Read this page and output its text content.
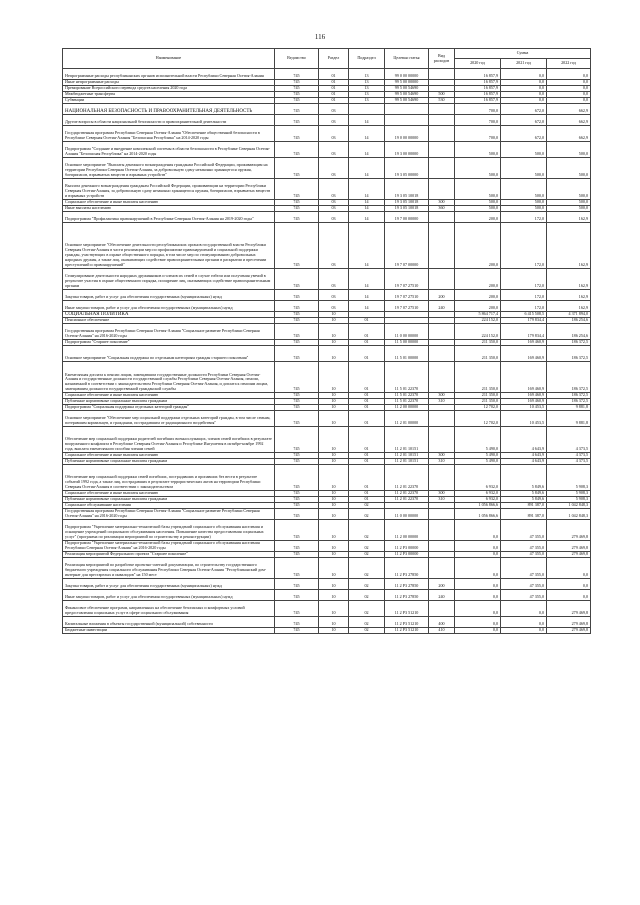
116
Наименование	Ведомство	Раздел	Подраздел	Целевая статья	Вид расходов	Сумма		
						2020 год	2021 год	2022 год
Непрограммные расходы республиканских органов исполнительной власти Республики Северная Осетия-Алания	745	01	13	99 0 00 00000		16 857,9	0,0	0,0
Иные непрограммные расходы	745	01	13	99 5 00 00000		16 857,9	0,0	0,0
Премирование Всероссийского перевода средств населения 2020 года	745	01	13	99 5 00 54690		16 857,9	0,0	0,0
Межбюджетные трансферты	745	01	13	99 5 00 54690	500	16 857,9	0,0	0,0
Субвенции	745	01	13	99 5 00 54690	530	16 857,9	0,0	0,0
НАЦИОНАЛЬНАЯ БЕЗОПАСНОСТЬ И ПРАВООХРАНИТЕЛЬНАЯ ДЕЯТЕЛЬНОСТЬ	745	03				700,0	672,0	662,9
Другие вопросы в области национальной безопасности и правоохранительной деятельности	745	03	14			700,0	672,0	662,9
Государственная программа Республики Северная Осетия-Алания "Обеспечение общественной безопасности в Республике Северная Осетия-Алания "Безопасная Республика" на 2014-2020 годы	745	03	14	19 0 00 00000		700,0	672,0	662,9
Подпрограмма "Создание и внедрение комплексной системы в области безопасности в Республике Северная Осетия-Алания "Безопасная Республика" на 2014-2020 годы	745	03	14	19 3 00 00000		500,0	500,0	500,0
Основное мероприятие "Выплаты денежного вознаграждения гражданам Российской Федерации, проживающим на территории Республики Северная Осетия-Алания, за добровольную сдачу незаконно хранящегося оружия, боеприпасов, взрывчатых веществ и взрывных устройств"	745	03	14	19 3 05 00000		500,0	500,0	500,0
Выплата денежного вознаграждения гражданам Российской Федерации, проживающим на территории Республики Северная Осетия-Алания, за добровольную сдачу незаконно хранящегося оружия, боеприпасов, взрывчатых веществ и взрывных устройств	745	03	14	19 3 05 10018		500,0	500,0	500,0
Социальное обеспечение и иные выплаты населению	745	03	14	19 3 05 10018	300	500,0	500,0	500,0
Иные выплаты населению	745	03	14	19 3 05 10018	360	500,0	500,0	500,0
Подпрограмма "Профилактика правонарушений в Республике Северная Осетия-Алания на 2019-2020 годы"	745	03	14	19 7 00 00000		200,0	172,0	162,9
Основное мероприятие "Обеспечение деятельности республиканских органов государственной власти Республики Северная Осетия-Алания в части реализации мер по профилактике правонарушений и социальной поддержки граждан, участвующих в охране общественного порядка, в том числе мер по стимулированию добровольных народных дружин, а также лиц, оказывающих содействие правоохранительным органам в раскрытии и пресечении преступлений и правонарушений"	745	03	14	19 7 07 00000		200,0	172,0	162,9
Стимулирование деятельности народных дружинников и членов их семей в случае гибели или получения увечий в результате участия в охране общественного порядка, поощрение лиц, оказывающих содействие правоохранительным органам	745	03	14	19 7 07 27510		200,0	172,0	162,9
Закупка товаров, работ и услуг для обеспечения государственных (муниципальных) нужд	745	03	14	19 7 07 27510	200	200,0	172,0	162,9
Иные закупки товаров, работ и услуг для обеспечения государственных (муниципальных) нужд	745	03	14	19 7 07 27510	240	200,0	172,0	162,9
СОЦИАЛЬНАЯ ПОЛИТИКА	745	10				5 864 717,4	6 415 508,5	4 371 894,0
Пенсионное обеспечение	745	10	01			224 152,0	179 834,4	186 254,6
Государственная программа Республики Северная Осетия-Алания "Социальное развитие Республики Северная Осетия-Алания" на 2016-2020 годы	745	10	01	11 0 00 00000		224 152,0	179 834,4	186 254,6
Подпрограмма "Старшее поколение"	745	10	01	11 5 00 00000		211 350,0	169 460,9	186 372,5
Основное мероприятие "Социальная поддержка по отдельным категориям граждан старшего поколения"	745	10	01	11 5 01 00000		211 350,0	169 460,9	186 372,5
Ежемесячная доплата к пенсии лицам, замещавшим государственные должности Республики Северная Осетия-Алания и государственные должности государственной службы Республики Северная Осетия-Алания, пенсии, назначенной в соответствии с законодательством Республики Северная Осетия-Алания, и доплата к пенсиям лицам, замещавшим должности государственной гражданской службы	745	10	01	11 5 01 22370		211 350,0	169 460,9	186 372,5
Социальное обеспечение и иные выплаты населению	745	10	01	11 5 01 22370	300	211 350,0	169 460,9	186 372,5
Публичные нормативные социальные выплаты гражданам	745	10	01	11 5 01 22370	310	211 350,0	169 460,9	186 372,5
Подпрограмма "Социальная поддержка отдельных категорий граждан"	745	10	01	11 2 00 00000		12 702,0	10 453,5	9 881,8
Основное мероприятие "Обеспечение мер социальной поддержки отдельных категорий граждан, в том числе семьям, потерявшим кормильцев, и гражданам, пострадавшим от радиационного воздействия"	745	10	01	11 2 01 00000		12 702,0	10 453,5	9 881,8
Обеспечение мер социальной поддержки родителей погибших военнослужащих, членов семей погибших в результате вооруженного конфликта в Республике Северная Осетия-Алания и Республике Ингушетия в октябре-ноябре 1992 года, выплата ежемесячного пособия членам семей	745	10	01	11 2 01 10151		5 490,0	4 643,9	4 373,5
Социальное обеспечение и иные выплаты населению	745	10	01	11 2 01 10151	300	5 490,0	4 643,9	4 373,5
Публичные нормативные социальные выплаты гражданам	745	10	01	11 2 01 10151	310	5 490,0	4 643,9	4 373,5
Обеспечение мер социальной поддержки семей погибших, пострадавших и пропавших без вести в результате событий 1992 года, а также лиц, пострадавших в результате террористических актов на территории Республики Северная Осетия-Алания в соответствии с законодательством	745	10	01	11 2 01 22370		6 932,0	5 849,6	5 908,3
Социальное обеспечение и иные выплаты населению	745	10	01	11 2 01 22370	300	6 932,0	5 849,6	5 908,3
Публичные нормативные социальные выплаты гражданам	745	10	01	11 2 01 22370	310	6 932,0	5 849,6	5 908,3
Социальное обслуживание населения	745	10	02			1 056 866,6	891 387,0	1 042 848,3
Государственная программа Республики Северная Осетия-Алания "Социальное развитие Республики Северная Осетия-Алания" на 2016-2020 годы	745	10	02	11 0 00 00000		1 056 866,6	891 387,0	1 042 848,3
Подпрограмма "Укрепление материально-технической базы учреждений социального обслуживания населения и оснащение учреждений социального обслуживания населения. Повышение качества предоставления социальных услуг" (программа по реализации мероприятий по строительству и реконструкции)	745	10	02	11 2 00 00000		0,0	47 355,0	279 469,8
Подпрограмма "Укрепление материально-технической базы учреждений социального обслуживания населения Республики Северная Осетия-Алания" на 2016-2020 годы	745	10	02	11 2 P3 00000		0,0	47 355,0	279 469,8
Реализация мероприятий Федерального проекта "Старшее поколение"	745	10	02	11 2 P3 00000		0,0	47 355,0	279 469,8
Реализация мероприятий по разработке проектно-сметной документации, по строительству государственного бюджетного учреждения социального обслуживания Республики Северная Осетия-Алания "Республиканский дом-интернат для престарелых и инвалидов" на 150 мест	745	10	02	11 2 P3 27850		0,0	47 355,0	0,0
Закупка товаров, работ и услуг для обеспечения государственных (муниципальных) нужд	745	10	02	11 2 P3 27850	200	0,0	47 355,0	0,0
Иные закупки товаров, работ и услуг для обеспечения государственных (муниципальных) нужд	745	10	02	11 2 P3 27850	240	0,0	47 355,0	0,0
Финансовое обеспечение программ, направленных на обеспечение безопасных и комфортных условий предоставления социальных услуг в сфере социального обслуживания	745	10	02	11 2 P3 51210		0,0	0,0	279 469,8
Капитальные вложения в объекты государственной (муниципальной) собственности	745	10	02	11 2 P3 51210	400	0,0	0,0	279 469,8
Бюджетные инвестиции	745	10	02	11 2 P3 51210	410	0,0	0,0	279 469,8
